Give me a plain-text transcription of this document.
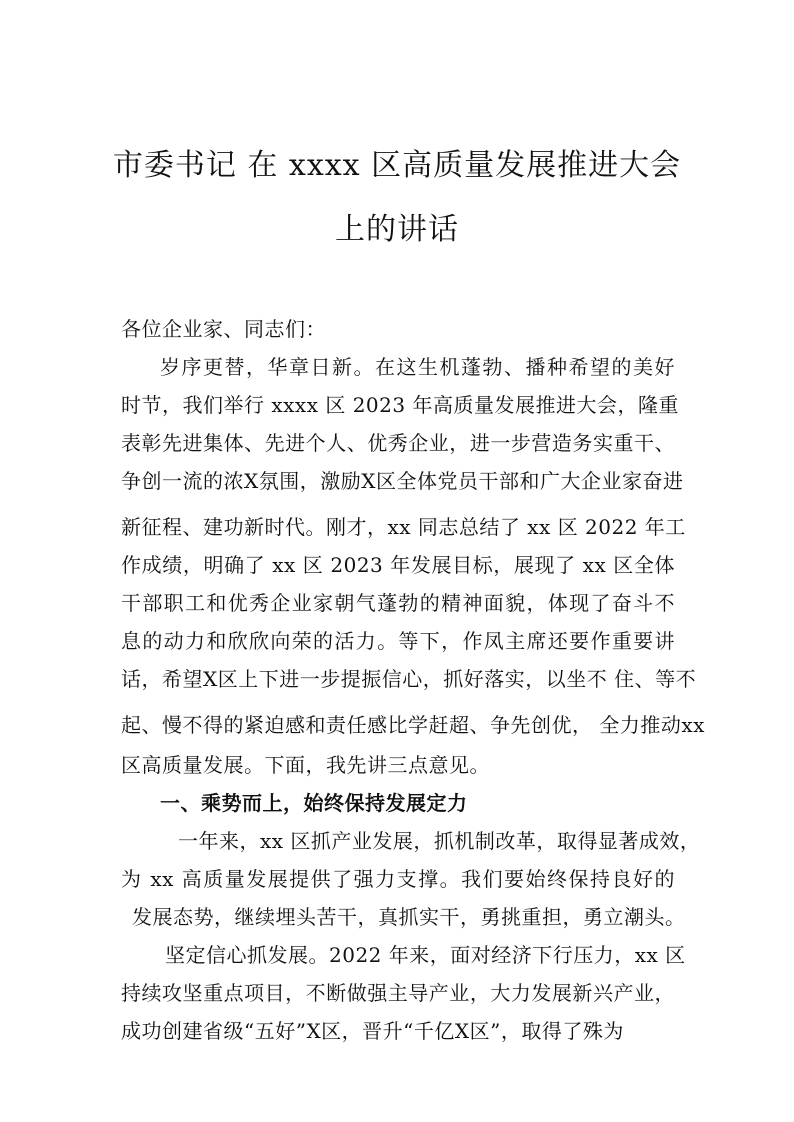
市委书记 在 xxxx 区高质量发展推进大会
上的讲话
各位企业家、同志们：
岁序更替，华章日新。在这生机蓬勃、播种希望的美好
时节，我们举行 xxxx 区 2023 年高质量发展推进大会，隆重
表彰先进集体、先进个人、优秀企业，进一步营造务实重干、
争创一流的浓X氛围，激励X区全体党员干部和广大企业家奋进
新征程、建功新时代。刚才，xx 同志总结了 xx 区 2022 年工
作成绩，明确了 xx 区 2023 年发展目标，展现了 xx 区全体
干部职工和优秀企业家朝气蓬勃的精神面貌，体现了奋斗不
息的动力和欣欣向荣的活力。等下，作凤主席还要作重要讲
话，希望X区上下进一步提振信心，抓好落实，以坐不 住、等不
起、慢不得的紧迫感和责任感比学赶超、争先创优， 全力推动xx
区高质量发展。下面，我先讲三点意见。
一、乘势而上，始终保持发展定力
一年来，xx 区抓产业发展，抓机制改革，取得显著成效，
为 xx 高质量发展提供了强力支撑。我们要始终保持良好的
发展态势，继续埋头苦干，真抓实干，勇挑重担，勇立潮头。
坚定信心抓发展。2022 年来，面对经济下行压力，xx 区
持续攻坚重点项目，不断做强主导产业，大力发展新兴产业，
成功创建省级“五好”X区，晋升“千亿X区”，取得了殊为
